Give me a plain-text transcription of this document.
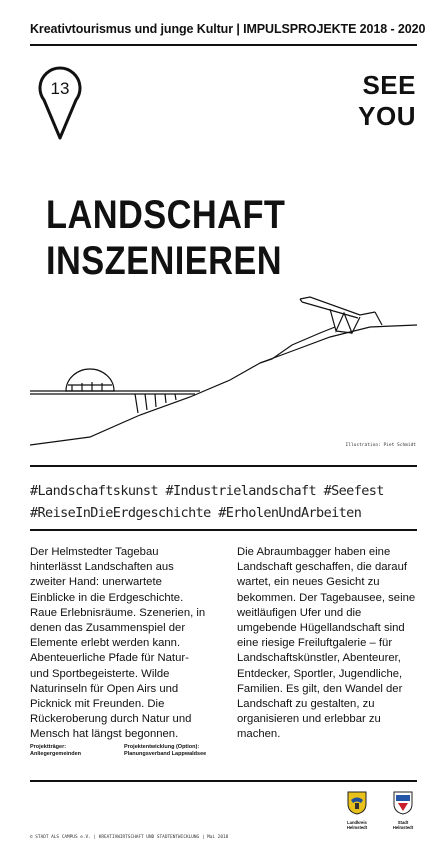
Kreativtourismus und junge Kultur | IMPULSPROJEKTE 2018 - 2020
13	SEE
YOU
LANDSCHAFT
INSZENIEREN
Illustration: Piet Schmidt
#Landschaftskunst #Industrielandschaft #Seefest
#ReiseInDieErdgeschichte #ErholenUndArbeiten
Der Helmstedter Tagebau hinterlässt Landschaften aus zweiter Hand: unerwartete Einblicke in die Erdgeschichte. Raue Erlebnisräume. Szenerien, in denen das Zusammenspiel der Elemente erlebt werden kann. Abenteuerliche Pfade für Natur- und Sportbegeisterte. Wilde Naturinseln für Open Airs und Picknick mit Freunden. Die Rückeroberung durch Natur und Mensch hat längst begonnen.
Die Abraumbagger haben eine Landschaft geschaffen, die darauf wartet, ein neues Gesicht zu bekommen. Der Tagebausee, seine weitläufigen Ufer und die umgebende Hügellandschaft sind eine riesige Freiluftgalerie – für Landschaftskünstler, Abenteurer, Entdecker, Sportler, Jugendliche, Familien. Es gilt, den Wandel der Landschaft zu gestalten, zu organisieren und erlebbar zu machen.
Projektträger:
Anliegergemeinden
Projektentwicklung (Option):
Planungsverband Lappwaldsee
Landkreis
Helmstedt
Stadt
Helmstedt
© STADT ALS CAMPUS e.V. | KREATIVWIRTSCHAFT UND STADTENTWICKLUNG | Mai 2018
